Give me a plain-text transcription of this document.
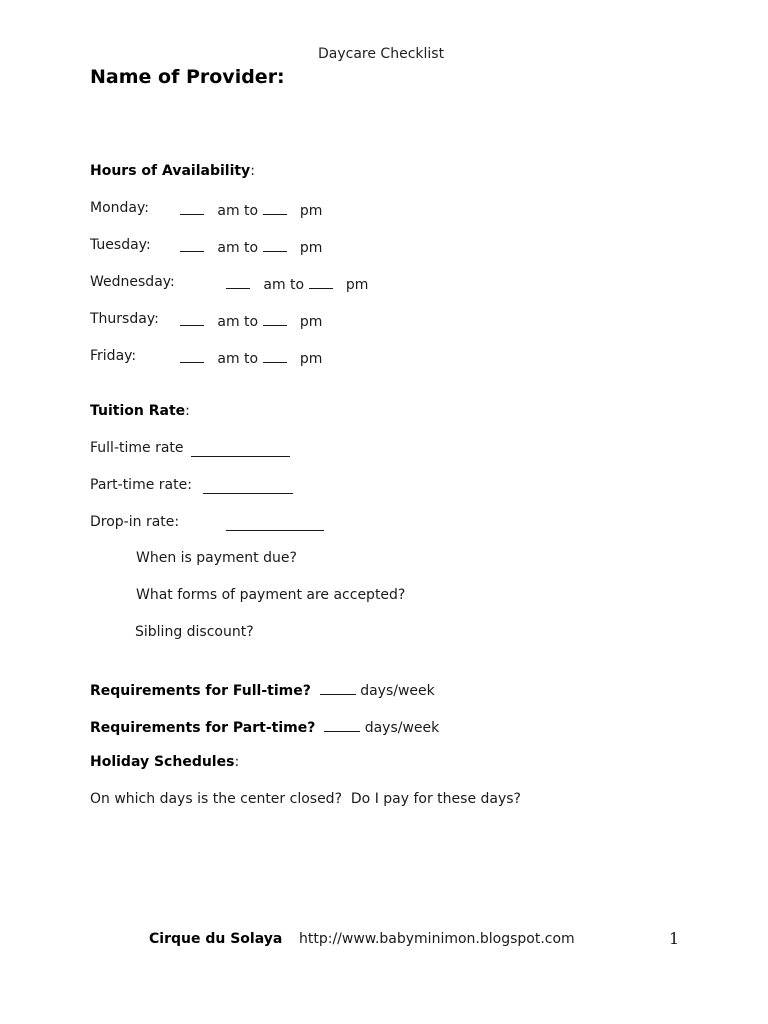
Daycare Checklist
Name of Provider:
Hours of Availability:
Monday:	am to	pm
Tuesday:	am to	pm
Wednesday:	am to	pm
Thursday:	am to	pm
Friday:	am to	pm
Tuition Rate:
Full-time rate
Part-time rate:
Drop-in rate:
When is payment due?
What forms of payment are accepted?
Sibling discount?
Requirements for Full-time?	days/week
Requirements for Part-time?	days/week
Holiday Schedules:
On which days is the center closed?  Do I pay for these days?
Cirque du Solaya http://www.babyminimon.blogspot.com	1
